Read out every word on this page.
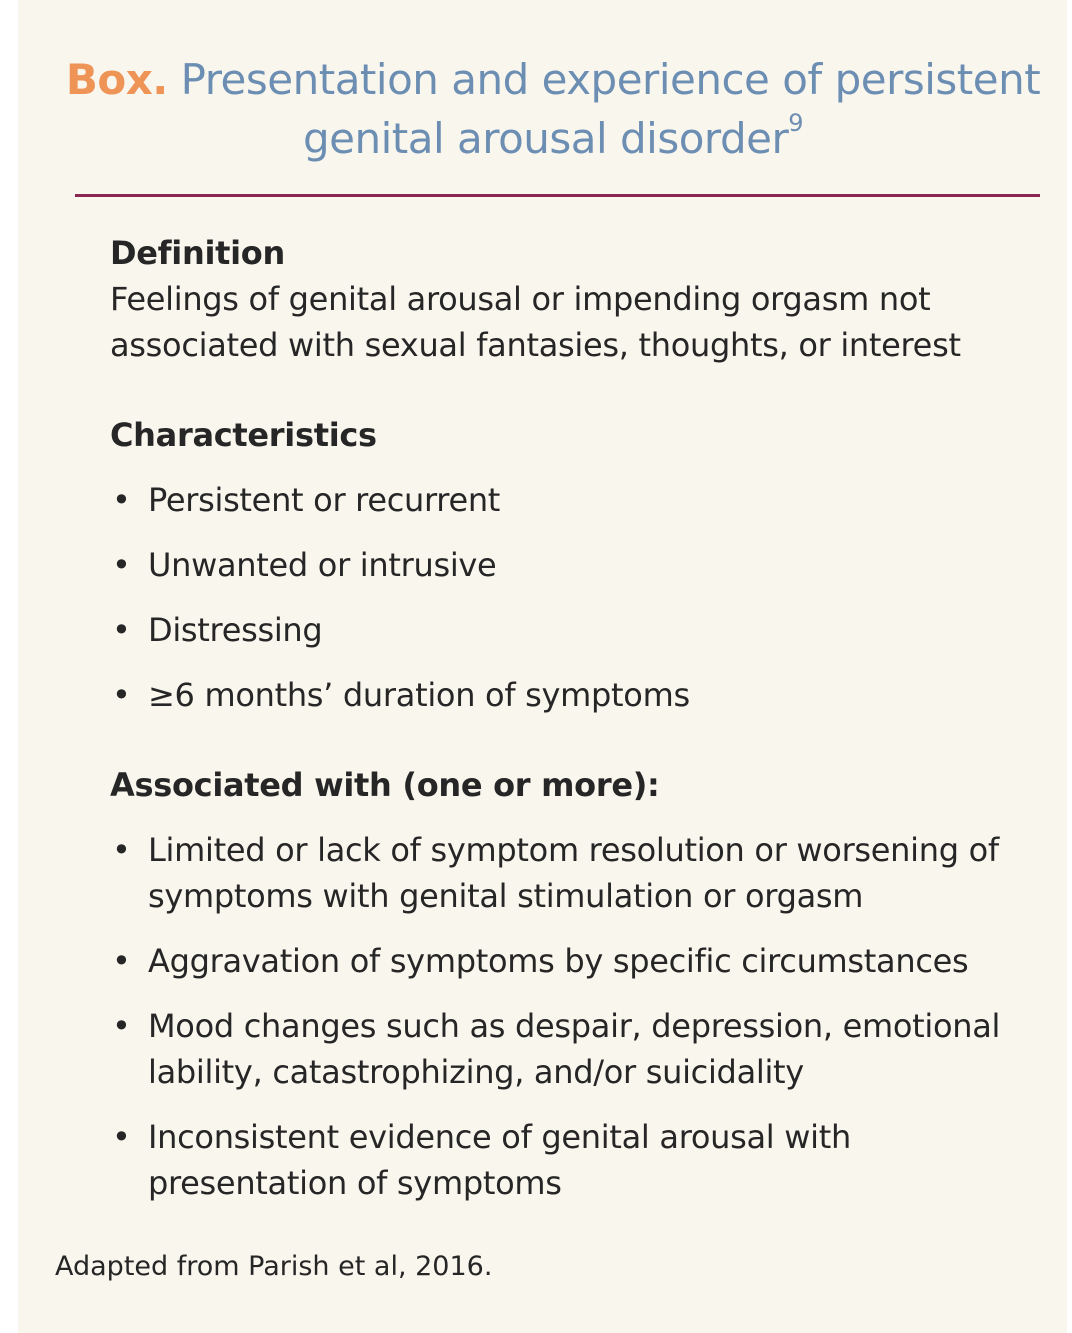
Box. Presentation and experience of persistent genital arousal disorder$^9$
Definition
Feelings of genital arousal or impending orgasm not associated with sexual fantasies, thoughts, or interest
Characteristics
• Persistent or recurrent
• Unwanted or intrusive
• Distressing
• ≥6 months’ duration of symptoms
Associated with (one or more):
• Limited or lack of symptom resolution or worsening of symptoms with genital stimulation or orgasm
• Aggravation of symptoms by specific circumstances
• Mood changes such as despair, depression, emotional lability, catastrophizing, and/or suicidality
• Inconsistent evidence of genital arousal with presentation of symptoms
Adapted from Parish et al, 2016.
